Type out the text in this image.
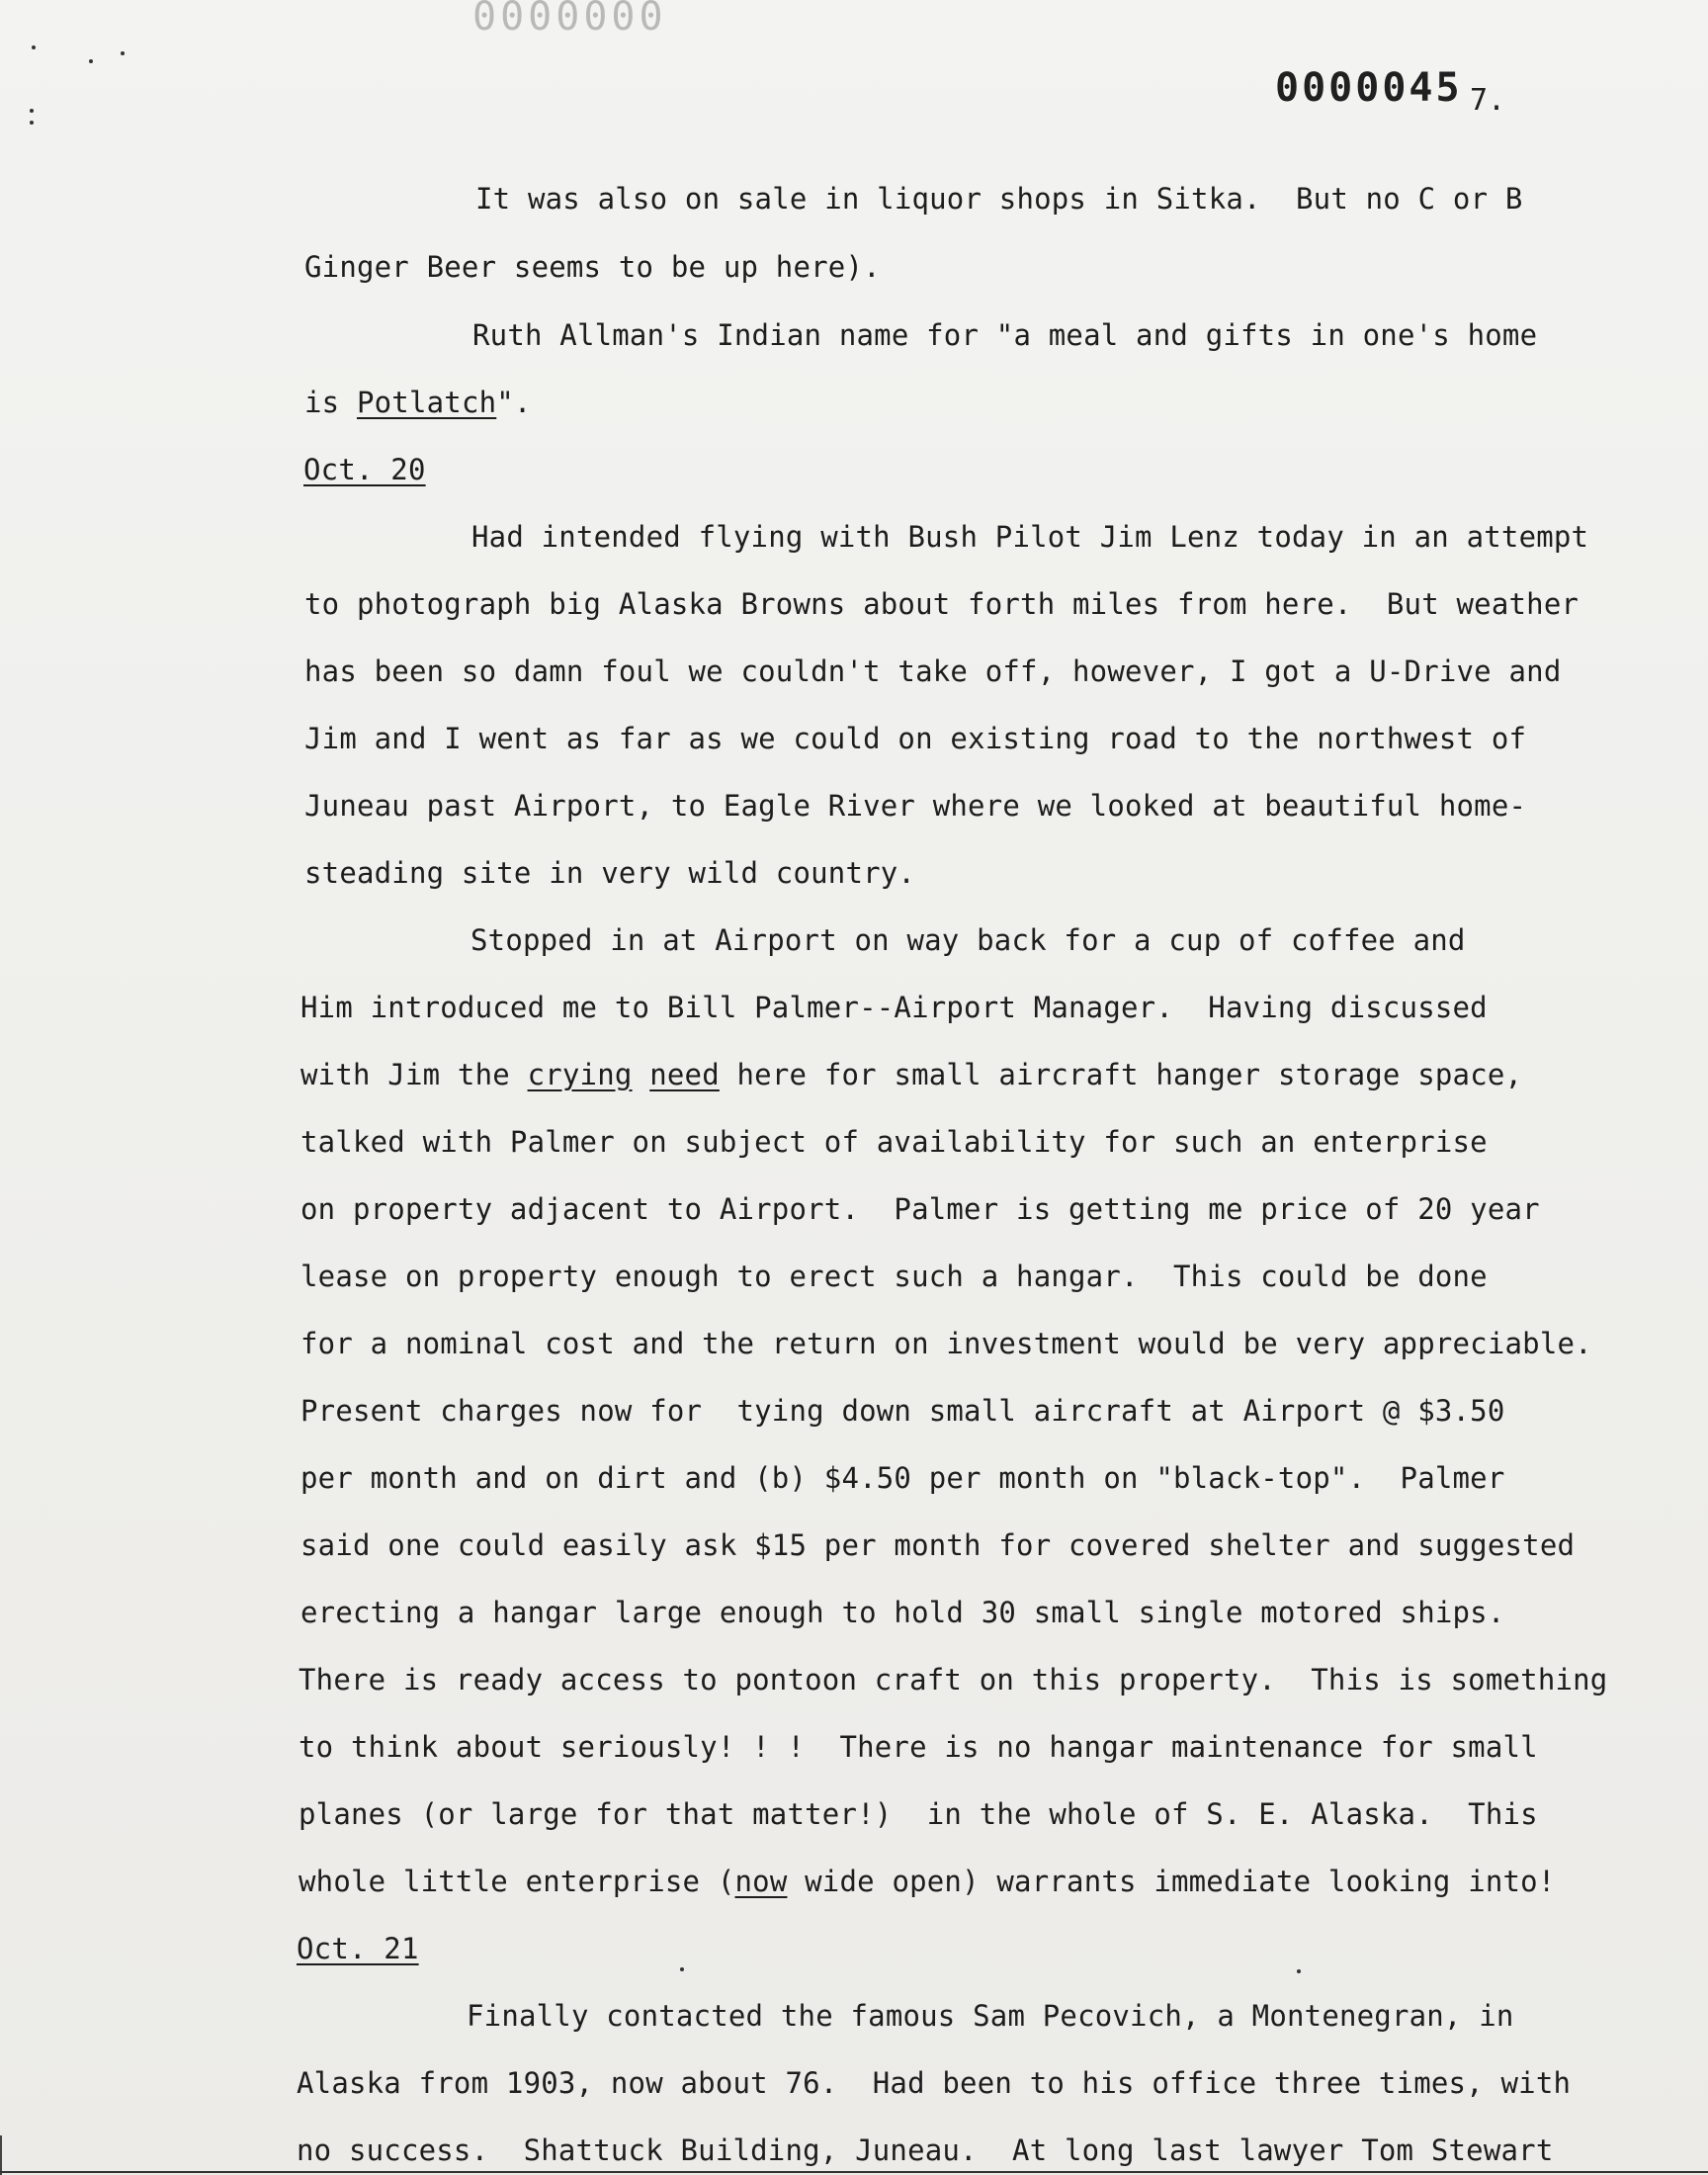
0000000
0000045 7.
It was also on sale in liquor shops in Sitka.  But no C or B
Ginger Beer seems to be up here).
Ruth Allman's Indian name for "a meal and gifts in one's home
is Potlatch".
Oct. 20
Had intended flying with Bush Pilot Jim Lenz today in an attempt
to photograph big Alaska Browns about forth miles from here.  But weather
has been so damn foul we couldn't take off, however, I got a U-Drive and
Jim and I went as far as we could on existing road to the northwest of
Juneau past Airport, to Eagle River where we looked at beautiful home-
steading site in very wild country.
Stopped in at Airport on way back for a cup of coffee and
Him introduced me to Bill Palmer--Airport Manager.  Having discussed
with Jim the crying need here for small aircraft hanger storage space,
talked with Palmer on subject of availability for such an enterprise
on property adjacent to Airport.  Palmer is getting me price of 20 year
lease on property enough to erect such a hangar.  This could be done
for a nominal cost and the return on investment would be very appreciable.
Present charges now for  tying down small aircraft at Airport @ $3.50
per month and on dirt and (b) $4.50 per month on "black-top".  Palmer
said one could easily ask $15 per month for covered shelter and suggested
erecting a hangar large enough to hold 30 small single motored ships.
There is ready access to pontoon craft on this property.  This is something
to think about seriously! ! !  There is no hangar maintenance for small
planes (or large for that matter!)  in the whole of S. E. Alaska.  This
whole little enterprise (now wide open) warrants immediate looking into!
Oct. 21
Finally contacted the famous Sam Pecovich, a Montenegran, in
Alaska from 1903, now about 76.  Had been to his office three times, with
no success.  Shattuck Building, Juneau.  At long last lawyer Tom Stewart
